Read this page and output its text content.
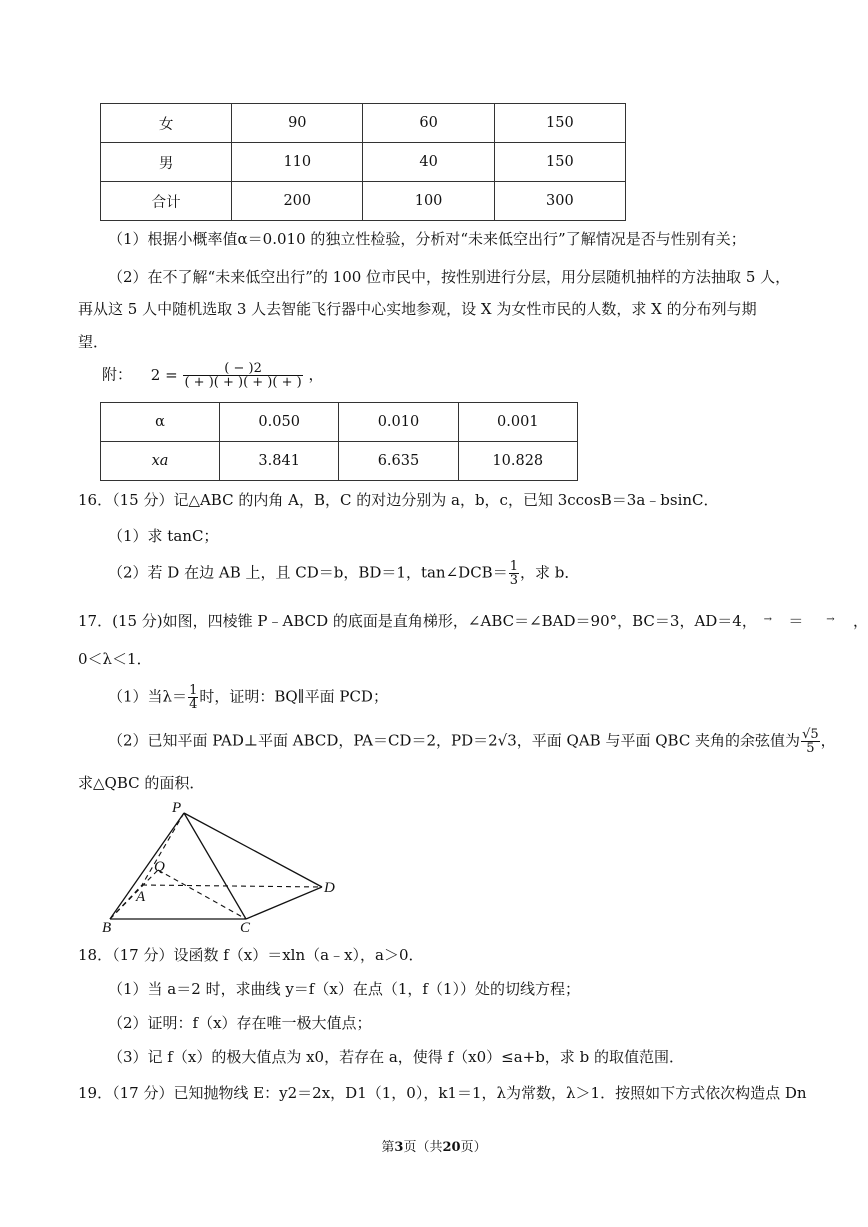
女	90	60	150
男	110	40	150
合计	200	100	300
（1）根据小概率值α＝0.010 的独立性检验，分析对“未来低空出行”了解情况是否与性别有关；
（2）在不了解“未来低空出行”的 100 位市民中，按性别进行分层，用分层随机抽样的方法抽取 5 人，
再从这 5 人中随机选取 3 人去智能飞行器中心实地参观，设 X 为女性市民的人数，求 X 的分布列与期
望．
附： $2 = \frac{( - )2}{( + )( + )( + )( + )}$ ，
α	0.050	0.010	0.001
xa	3.841	6.635	10.828
16．（15 分）记△ABC 的内角 A，B，C 的对边分别为 a，b，c，已知 3ccosB＝3a﹣bsinC．
（1）求 tanC；
（2）若 D 在边 AB 上，且 CD＝b，BD＝1，tan∠DCB＝ $\frac{1}{3}$ ，求 b．
17．(15 分)如图，四棱锥 P﹣ABCD 的底面是直角梯形，∠ABC＝∠BAD＝90°，BC＝3，AD＝4， → ＝ → ，
0＜λ＜1．
（1）当$\lambda= \frac{1}{4}$ 时，证明：BQ∥平面 PCD；
（2）已知平面 PAD⊥平面 ABCD，PA＝CD＝2，PD＝2√3，平面 QAB 与平面 QBC 夹角的余弦值为 $\frac{√5}{5}$ ，
求△QBC 的面积．
P
Q
A
B	C
D
18．（17 分）设函数 f（x）＝xln（a﹣x），a＞0．
（1）当 a＝2 时，求曲线 y＝f（x）在点（1，f（1））处的切线方程；
（2）证明：f（x）存在唯一极大值点；
（3）记 f（x）的极大值点为 x0，若存在 a，使得 f（x0）≤a+b，求 b 的取值范围．
19．（17 分）已知抛物线 E：y2＝2x，D1（1，0），k1＝1，λ为常数，λ＞1．按照如下方式依次构造点 Dn
第3页（共20页）
